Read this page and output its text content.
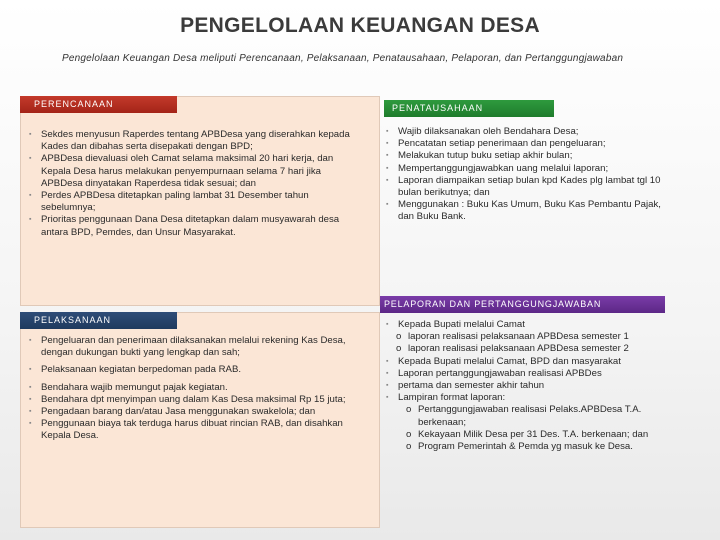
PENGELOLAAN KEUANGAN DESA
Pengelolaan Keuangan Desa meliputi Perencanaan, Pelaksanaan, Penatausahaan, Pelaporan, dan Pertanggungjawaban
PERENCANAAN
▪ Sekdes menyusun Raperdes tentang APBDesa yang diserahkan kepada Kades dan dibahas serta disepakati dengan BPD;
▪ APBDesa dievaluasi oleh Camat selama maksimal 20 hari kerja, dan Kepala Desa harus melakukan penyempurnaan selama 7 hari jika APBDesa dinyatakan Raperdesa tidak sesuai; dan
▪ Perdes APBDesa ditetapkan paling lambat 31 Desember tahun sebelumnya;
▪ Prioritas penggunaan Dana Desa ditetapkan dalam musyawarah desa antara BPD, Pemdes, dan Unsur Masyarakat.
PELAKSANAAN
▪ Pengeluaran dan penerimaan dilaksanakan melalui rekening Kas Desa, dengan dukungan bukti yang lengkap dan sah;
▪ Pelaksanaan kegiatan berpedoman pada RAB.
▪ Bendahara wajib memungut pajak kegiatan.
▪ Bendahara dpt menyimpan uang dalam Kas Desa maksimal Rp 15 juta;
▪ Pengadaan barang dan/atau Jasa menggunakan swakelola; dan
▪ Penggunaan biaya tak terduga harus dibuat rincian RAB, dan disahkan Kepala Desa.
PENATAUSAHAAN
▪ Wajib dilaksanakan oleh Bendahara Desa;
▪ Pencatatan setiap penerimaan dan pengeluaran;
▪ Melakukan tutup buku setiap akhir bulan;
▪ Mempertanggungjawabkan uang melalui laporan;
▪ Laporan diampaikan setiap bulan kpd Kades plg lambat tgl 10 bulan berikutnya; dan
▪ Menggunakan : Buku Kas Umum, Buku Kas Pembantu Pajak, dan Buku Bank.
PELAPORAN DAN PERTANGGUNGJAWABAN
▪ Kepada Bupati melalui Camat
o laporan realisasi pelaksanaan APBDesa semester 1
o laporan realisasi pelaksanaan APBDesa semester 2
▪ Kepada Bupati melalui Camat, BPD dan masyarakat
▪ Laporan pertanggungjawaban realisasi APBDes
▪ pertama dan semester akhir tahun
▪ Lampiran format laporan:
o Pertanggungjawaban realisasi Pelaks.APBDesa T.A. berkenaan;
o Kekayaan Milik Desa per 31 Des. T.A. berkenaan; dan
o Program Pemerintah & Pemda yg masuk ke Desa.
